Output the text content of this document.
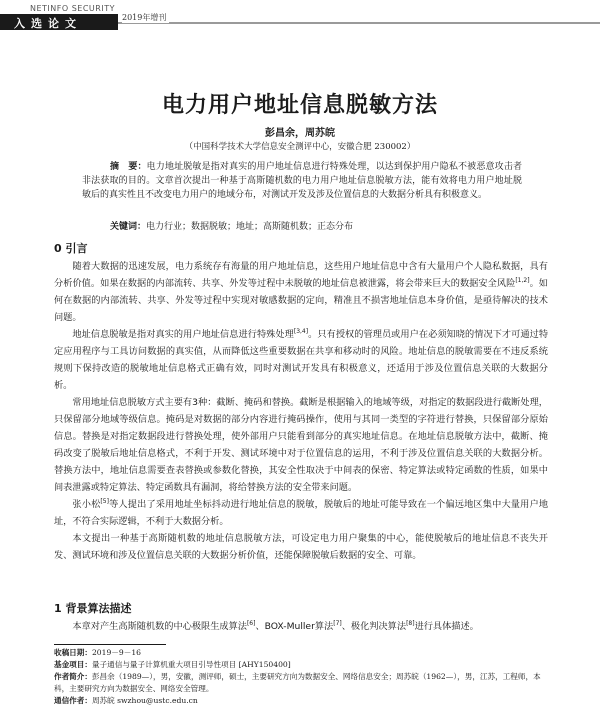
NETINFO SECURITY
入选论文	2019年增刊
电力用户地址信息脱敏方法
彭昌余，周苏皖
（中国科学技术大学信息安全测评中心，安徽合肥 230002）
摘　要：电力地址脱敏是指对真实的用户地址信息进行特殊处理，以达到保护用户隐私不被恶意攻击者非法获取的目的。文章首次提出一种基于高斯随机数的电力用户地址信息脱敏方法，能有效将电力用户地址脱敏后的真实性且不改变电力用户的地域分布，对测试开发及涉及位置信息的大数据分析具有积极意义。
关键词：电力行业；数据脱敏；地址；高斯随机数；正态分布
0 引言

随着大数据的迅速发展，电力系统存有海量的用户地址信息，这些用户地址信息中含有大量用户个人隐私数据，具有分析价值。如果在数据的内部流转、共享、外发等过程中未脱敏的地址信息被泄露，将会带来巨大的数据安全风险[1,2]。如何在数据的内部流转、共享、外发等过程中实现对敏感数据的定向，精准且不损害地址信息本身价值，是亟待解决的技术问题。

地址信息脱敏是指对真实的用户地址信息进行特殊处理[3,4]。只有授权的管理员或用户在必须知晓的情况下才可通过特定应用程序与工具访问数据的真实值，从而降低这些重要数据在共享和移动时的风险。地址信息的脱敏需要在不违反系统规则下保持改造的脱敏地址信息格式正确有效，同时对测试开发具有积极意义，还适用于涉及位置信息关联的大数据分析。

常用地址信息脱敏方式主要有3种：截断、掩码和替换。截断是根据输入的地域等级，对指定的数据段进行截断处理，只保留部分地域等级信息。掩码是对数据的部分内容进行掩码操作，使用与其同一类型的字符进行替换，只保留部分原始信息。替换是对指定数据段进行替换处理，使外部用户只能看到部分的真实地址信息。在地址信息脱敏方法中，截断、掩码改变了脱敏后地址信息格式，不利于开发、测试环境中对于位置信息的运用，不利于涉及位置信息关联的大数据分析。替换方法中，地址信息需要查表替换或参数化替换，其安全性取决于中间表的保密、特定算法或特定函数的性质，如果中间表泄露或特定算法、特定函数具有漏洞，将给替换方法的安全带来问题。

张小松[5]等人提出了采用地址坐标抖动进行地址信息的脱敏，脱敏后的地址可能导致在一个偏远地区集中大量用户地址，不符合实际逻辑，不利于大数据分析。

本文提出一种基于高斯随机数的地址信息脱敏方法，可设定电力用户聚集的中心，能使脱敏后的地址信息不丧失开发、测试环境和涉及位置信息关联的大数据分析价值，还能保障脱敏后数据的安全、可靠。

1 背景算法描述

本章对产生高斯随机数的中心极限生成算法[6]、BOX-Muller算法[7]、极化判决算法[8]进行具体描述。

收稿日期：2019－9－16
基金项目：量子通信与量子计算机重大项目引导性项目 [AHY150400]
作者简介：彭昌余（1989—），男，安徽，测评师，硕士，主要研究方向为数据安全、网络信息安全；周苏皖（1962—），男，江苏，工程师，本科，主要研究方向为数据安全、网络安全管理。
通信作者：周苏皖 swzhou@ustc.edu.cn
